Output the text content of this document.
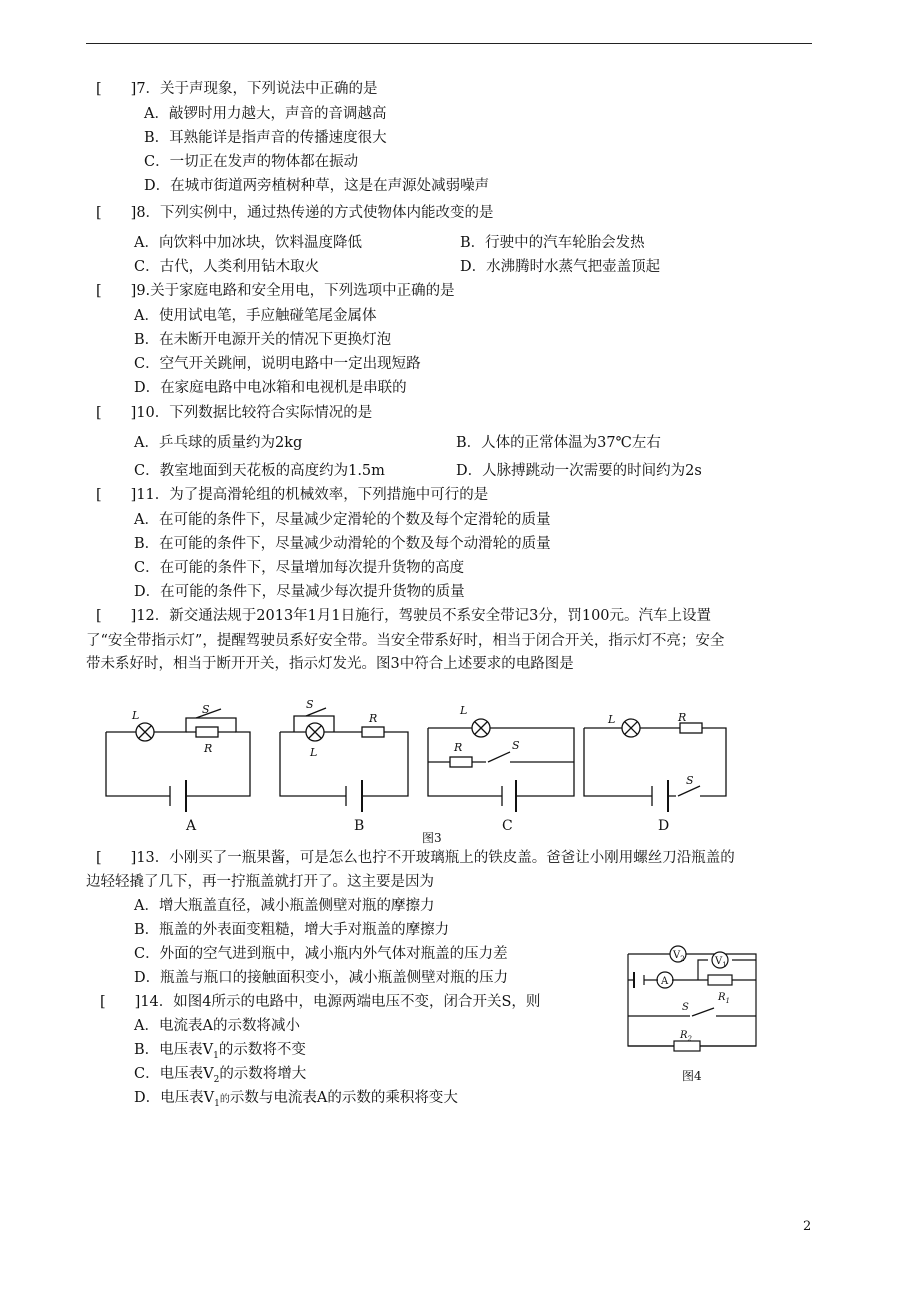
[　　]7．关于声现象，下列说法中正确的是
A．敲锣时用力越大，声音的音调越高
B．耳熟能详是指声音的传播速度很大
C．一切正在发声的物体都在振动
D．在城市街道两旁植树种草，这是在声源处减弱噪声
[　　]8．下列实例中，通过热传递的方式使物体内能改变的是
A．向饮料中加冰块，饮料温度降低	B．行驶中的汽车轮胎会发热
C．古代，人类利用钻木取火	D．水沸腾时水蒸气把壶盖顶起
[　　]9.关于家庭电路和安全用电，下列选项中正确的是
A．使用试电笔，手应触碰笔尾金属体
B．在未断开电源开关的情况下更换灯泡
C．空气开关跳闸，说明电路中一定出现短路
D．在家庭电路中电冰箱和电视机是串联的
[　　]10．下列数据比较符合实际情况的是
A．乒乓球的质量约为2kg	B．人体的正常体温为37℃左右
C．教室地面到天花板的高度约为1.5m	D．人脉搏跳动一次需要的时间约为2s
[　　]11．为了提高滑轮组的机械效率，下列措施中可行的是
A．在可能的条件下，尽量减少定滑轮的个数及每个定滑轮的质量
B．在可能的条件下，尽量减少动滑轮的个数及每个动滑轮的质量
C．在可能的条件下，尽量增加每次提升货物的高度
D．在可能的条件下，尽量减少每次提升货物的质量
[　　]12．新交通法规于2013年1月1日施行，驾驶员不系安全带记3分，罚100元。汽车上设置
了“安全带指示灯”，提醒驾驶员系好安全带。当安全带系好时，相当于闭合开关，指示灯不亮；安全
带未系好时，相当于断开开关，指示灯发光。图3中符合上述要求的电路图是
L	S
R
S
L
R
L
R	S
L	R
S
A	B	C	D
图3
[　　]13．小刚买了一瓶果酱，可是怎么也拧不开玻璃瓶上的铁皮盖。爸爸让小刚用螺丝刀沿瓶盖的
边轻轻撬了几下，再一拧瓶盖就打开了。这主要是因为
A．增大瓶盖直径，减小瓶盖侧壁对瓶的摩擦力
B．瓶盖的外表面变粗糙，增大手对瓶盖的摩擦力
C．外面的空气进到瓶中，减小瓶内外气体对瓶盖的压力差
D．瓶盖与瓶口的接触面积变小，减小瓶盖侧壁对瓶的压力
[　　]14．如图4所示的电路中，电源两端电压不变，闭合开关S，则
A．电流表A的示数将减小
B．电压表$V_1$的示数将不变
C．电压表$V_2$的示数将增大
D．电压表$V_1$的示数与电流表A的示数的乘积将变大
$V_2$
A
$V_1$
$R_1$
S
$R_2$
图4
2
